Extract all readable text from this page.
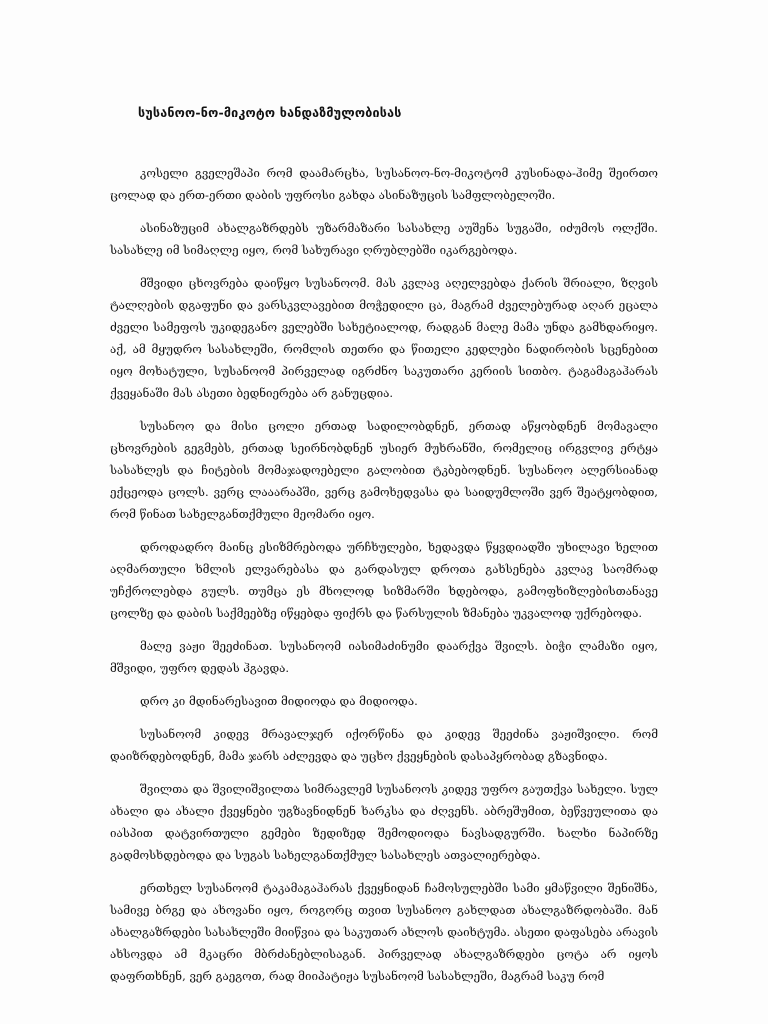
სუსანოო-ნო-მიკოტო ხანდაზმულობისას

კოსელი გველეშაპი რომ დაამარცხა, სუსანოო-ნო-მიკოტომ კუსინადა-ჰიმე შეირთო ცოლად და ერთ-ერთი დაბის უფროსი გახდა ასინაზუცის სამფლობელოში.

ასინაზუციმ ახალგაზრდებს უზარმაზარი სასახლე აუშენა სუგაში, იძუმოს ოლქში. სასახლე იმ სიმაღლე იყო, რომ სახურავი ღრუბლებში იკარგებოდა.

მშვიდი ცხოვრება დაიწყო სუსანოომ. მას კვლავ აღელვებდა ქარის შრიალი, ზღვის ტალღების დგაფუნი და ვარსკვლავებით მოჭედილი ცა, მაგრამ ძველებურად აღარ ეცალა ძველი სამეფოს უკიდეგანო ველებში სახეტიალოდ, რადგან მალე მამა უნდა გამხდარიყო. აქ, ამ მყუდრო სასახლეში, რომლის თეთრი და წითელი კედლები ნადირობის სცენებით იყო მოხატული, სუსანოომ პირველად იგრძნო საკუთარი კერიის სითბო. ტაგამაგაჰარას ქვეყანაში მას ასეთი ბედნიერება არ განუცდია.

სუსანოო და მისი ცოლი ერთად სადილობდნენ, ერთად აწყობდნენ მომავალი ცხოვრების გეგმებს, ერთად სეირნობდნენ უსიერ მუხრანში, რომელიც ირგვლივ ერტყა სასახლეს და ჩიტების მომაჯადოებელი გალობით ტკბებოდნენ. სუსანოო ალერსიანად ექცეოდა ცოლს. ვერც ლააარაპში, ვერც გამოხედვასა და საიდუმლოში ვერ შეატყობდით, რომ წინათ სახელგანთქმული მეომარი იყო.

დროდადრო მაინც ესიზმრებოდა ურჩხულები, ხედავდა წყვდიადში უხილავი ხელით აღმართული ხმლის ელვარებასა და გარდასულ დროთა გახსენება კვლავ საომრად უჩქროლებდა გულს. თუმცა ეს მხოლოდ სიზმარში ხდებოდა, გამოფხიზლებისთანავე ცოლზე და დაბის საქმეებზე იწყებდა ფიქრს და წარსულის ზმანება უკვალოდ უქრებოდა.

მალე ვაჟი შეეძინათ. სუსანოომ იასიმაძინუმი დაარქვა შვილს. ბიჭი ლამაზი იყო, მშვიდი, უფრო დედას ჰგავდა.

დრო კი მდინარესავით მიდიოდა და მიდიოდა.

სუსანოომ კიდევ მრავალჯერ იქორწინა და კიდევ შეეძინა ვაჟიშვილი. რომ დაიზრდებოდნენ, მამა ჯარს აძლევდა და უცხო ქვეყნების დასაპყრობად გზავნიდა.

შვილთა და შვილიშვილთა სიმრავლემ სუსანოოს კიდევ უფრო გაუთქვა სახელი. სულ ახალი და ახალი ქვეყნები უგზავნიდნენ ხარკსა და ძღვენს. აბრეშუმით, ბეწვეულითა და იასპით დატვირთული გემები ზედიზედ შემოდიოდა ნავსადგურში. ხალხი ნაპირზე გადმოსხდებოდა და სუგას სახელგანთქმულ სასახლეს ათვალიერებდა.

ერთხელ სუსანოომ ტაკამაგაჰარას ქვეყნიდან ჩამოსულებში სამი ყმაწვილი შენიშნა, სამივე ბრგე და ახოვანი იყო, როგორც თვით სუსანოო გახლდათ ახალგაზრდობაში. მან ახალგაზრდები სასახლეში მიიწვია და საკუთარ ახლოს დაიხტუმა. ასეთი დაფასება არავის ახსოვდა ამ მკაცრი მბრძანებლისაგან. პირველად ახალგაზრდები ცოტა არ იყოს დაფრთხნენ, ვერ გაეგოთ, რად მიიპატიჟა სუსანოომ სასახლეში, მაგრამ საკუ რომ
